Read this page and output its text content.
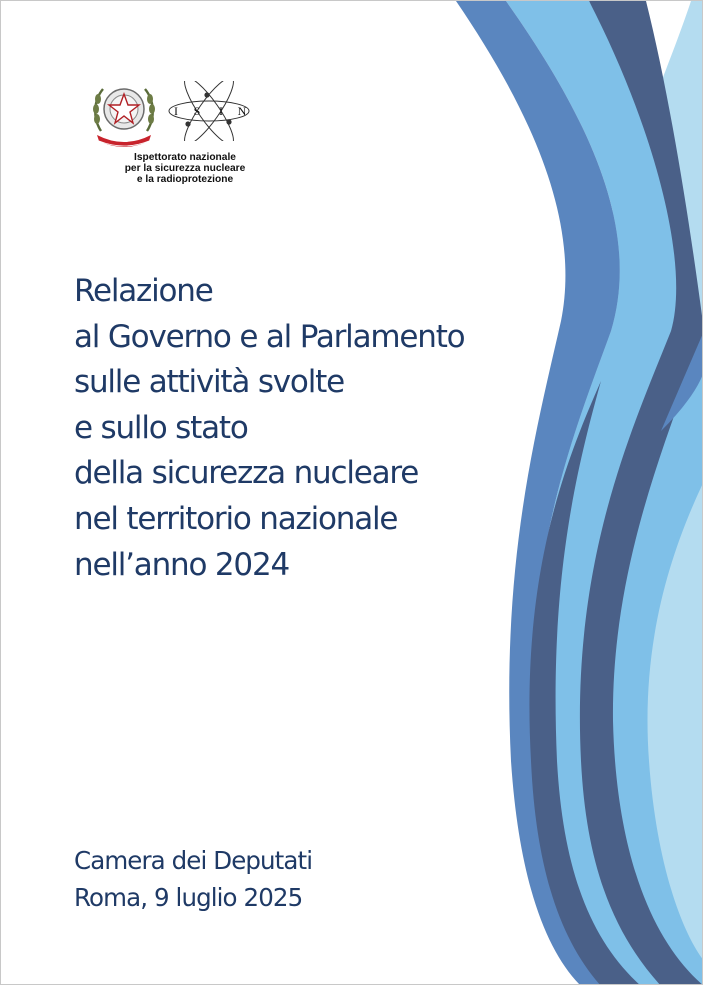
I S I N
Ispettorato nazionale
per la sicurezza nucleare
e la radioprotezione
Relazione
al Governo e al Parlamento
sulle attività svolte
e sullo stato
della sicurezza nucleare
nel territorio nazionale
nell’anno 2024
Camera dei Deputati
Roma, 9 luglio 2025
